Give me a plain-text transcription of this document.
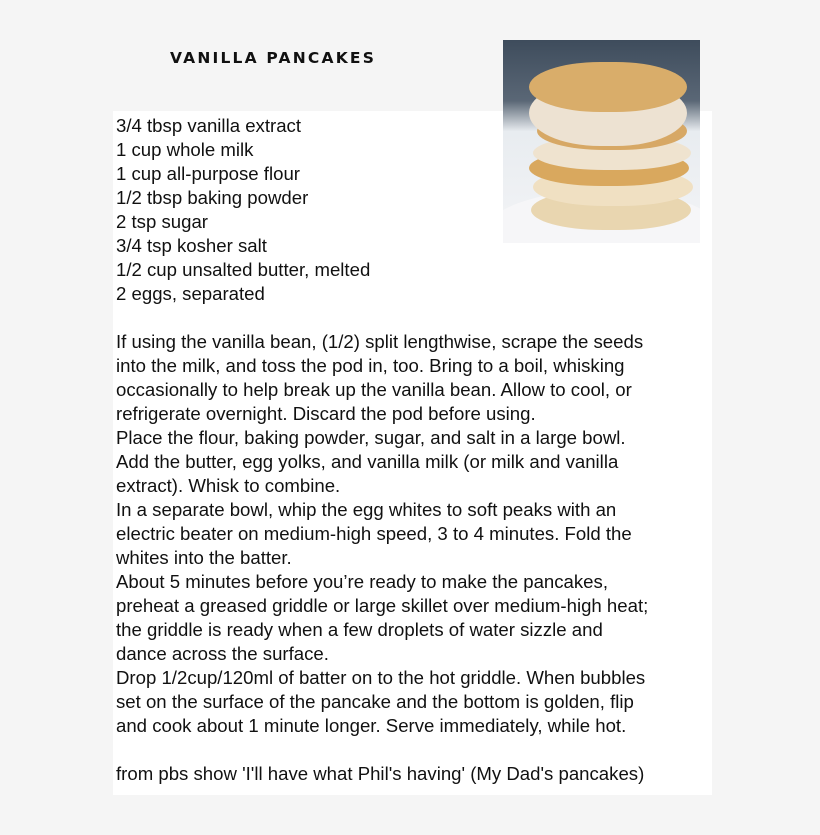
VANILLA PANCAKES
3/4 tbsp vanilla extract
1 cup whole milk
1 cup all-purpose flour
1/2 tbsp baking powder
2 tsp sugar
3/4 tsp kosher salt
1/2 cup unsalted butter, melted
2 eggs, separated
If using the vanilla bean, (1/2) split lengthwise, scrape the seeds
into the milk, and toss the pod in, too. Bring to a boil, whisking
occasionally to help break up the vanilla bean. Allow to cool, or
refrigerate overnight. Discard the pod before using.
Place the flour, baking powder, sugar, and salt in a large bowl.
Add the butter, egg yolks, and vanilla milk (or milk and vanilla
extract). Whisk to combine.
In a separate bowl, whip the egg whites to soft peaks with an
electric beater on medium-high speed, 3 to 4 minutes. Fold the
whites into the batter.
About 5 minutes before you’re ready to make the pancakes,
preheat a greased griddle or large skillet over medium-high heat;
the griddle is ready when a few droplets of water sizzle and
dance across the surface.
Drop 1/2cup/120ml of batter on to the hot griddle. When bubbles
set on the surface of the pancake and the bottom is golden, flip
and cook about 1 minute longer. Serve immediately, while hot.
from pbs show 'I'll have what Phil's having' (My Dad's pancakes)
